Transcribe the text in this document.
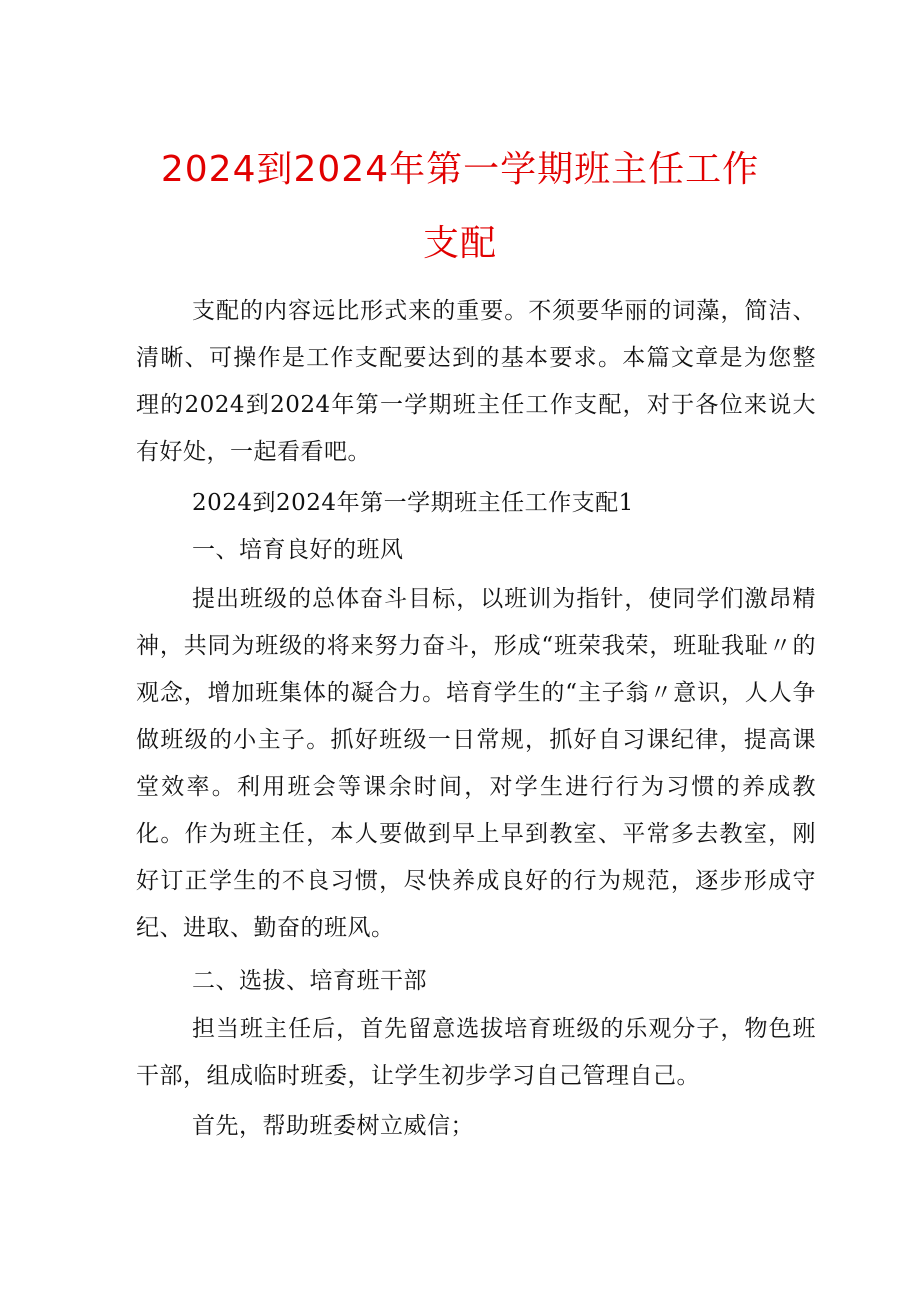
2024到2024年第一学期班主任工作
支配

支配的内容远比形式来的重要。不须要华丽的词藻，简洁、清晰、可操作是工作支配要达到的基本要求。本篇文章是为您整理的2024到2024年第一学期班主任工作支配，对于各位来说大有好处，一起看看吧。

2024到2024年第一学期班主任工作支配1

一、培育良好的班风

提出班级的总体奋斗目标，以班训为指针，使同学们激昂精神，共同为班级的将来努力奋斗，形成“班荣我荣，班耻我耻〃的观念，增加班集体的凝合力。培育学生的“主子翁〃意识，人人争做班级的小主子。抓好班级一日常规，抓好自习课纪律，提高课堂效率。利用班会等课余时间，对学生进行行为习惯的养成教化。作为班主任，本人要做到早上早到教室、平常多去教室，刚好订正学生的不良习惯，尽快养成良好的行为规范，逐步形成守纪、进取、勤奋的班风。

二、选拔、培育班干部

担当班主任后，首先留意选拔培育班级的乐观分子，物色班干部，组成临时班委，让学生初步学习自己管理自己。

首先，帮助班委树立威信；
